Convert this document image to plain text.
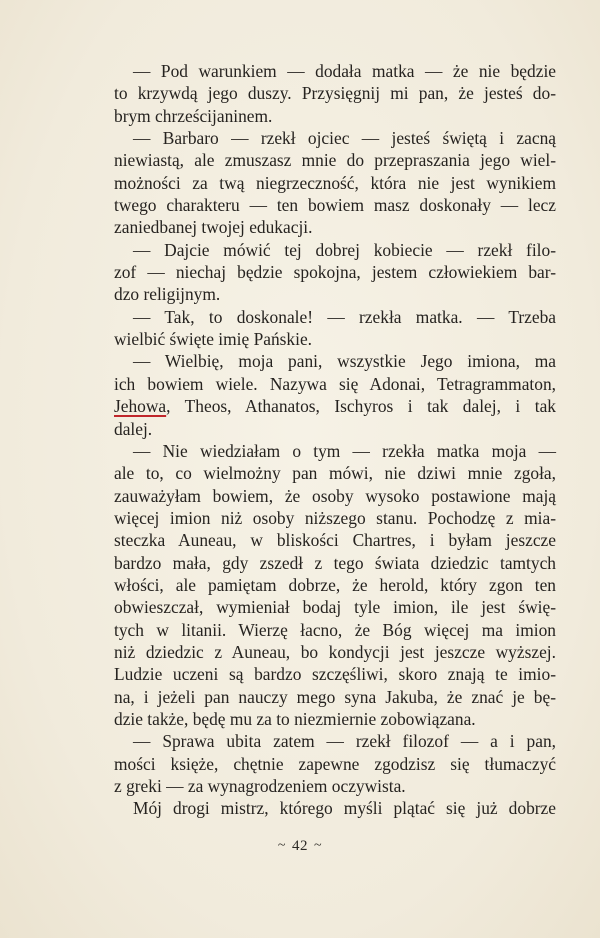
— Pod warunkiem — dodała matka — że nie będzie
to krzywdą jego duszy. Przysięgnij mi pan, że jesteś do-
brym chrześcijaninem.
— Barbaro — rzekł ojciec — jesteś świętą i zacną
niewiastą, ale zmuszasz mnie do przepraszania jego wiel-
możności za twą niegrzeczność, która nie jest wynikiem
twego charakteru — ten bowiem masz doskonały — lecz
zaniedbanej twojej edukacji.
— Dajcie mówić tej dobrej kobiecie — rzekł filo-
zof — niechaj będzie spokojna, jestem człowiekiem bar-
dzo religijnym.
— Tak, to doskonale! — rzekła matka. — Trzeba
wielbić święte imię Pańskie.
— Wielbię, moja pani, wszystkie Jego imiona, ma
ich bowiem wiele. Nazywa się Adonai, Tetragrammaton,
Jehowa, Theos, Athanatos, Ischyros i tak dalej, i tak
dalej.
— Nie wiedziałam o tym — rzekła matka moja —
ale to, co wielmożny pan mówi, nie dziwi mnie zgoła,
zauważyłam bowiem, że osoby wysoko postawione mają
więcej imion niż osoby niższego stanu. Pochodzę z mia-
steczka Auneau, w bliskości Chartres, i byłam jeszcze
bardzo mała, gdy zszedł z tego świata dziedzic tamtych
włości, ale pamiętam dobrze, że herold, który zgon ten
obwieszczał, wymieniał bodaj tyle imion, ile jest świę-
tych w litanii. Wierzę łacno, że Bóg więcej ma imion
niż dziedzic z Auneau, bo kondycji jest jeszcze wyższej.
Ludzie uczeni są bardzo szczęśliwi, skoro znają te imio-
na, i jeżeli pan nauczy mego syna Jakuba, że znać je bę-
dzie także, będę mu za to niezmiernie zobowiązana.
— Sprawa ubita zatem — rzekł filozof — a i pan,
mości księże, chętnie zapewne zgodzisz się tłumaczyć
z greki — za wynagrodzeniem oczywista.
Mój drogi mistrz, którego myśli plątać się już dobrze
~ 42 ~
